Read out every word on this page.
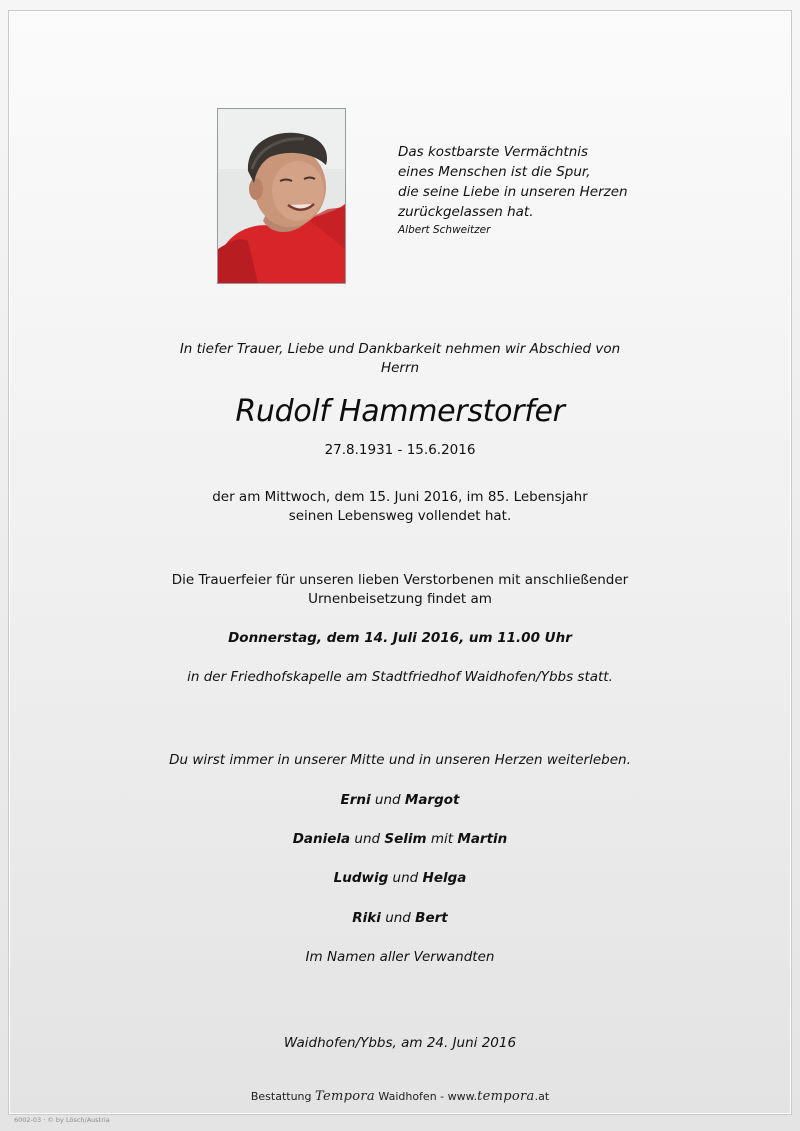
Das kostbarste Vermächtnis
eines Menschen ist die Spur,
die seine Liebe in unseren Herzen
zurückgelassen hat.
Albert Schweitzer
In tiefer Trauer, Liebe und Dankbarkeit nehmen wir Abschied von
Herrn
Rudolf Hammerstorfer
27.8.1931 - 15.6.2016
der am Mittwoch, dem 15. Juni 2016, im 85. Lebensjahr
seinen Lebensweg vollendet hat.
Die Trauerfeier für unseren lieben Verstorbenen mit anschließender
Urnenbeisetzung findet am
Donnerstag, dem 14. Juli 2016, um 11.00 Uhr
in der Friedhofskapelle am Stadtfriedhof Waidhofen/Ybbs statt.
Du wirst immer in unserer Mitte und in unseren Herzen weiterleben.
Erni und Margot
Daniela und Selim mit Martin
Ludwig und Helga
Riki und Bert
Im Namen aller Verwandten
Waidhofen/Ybbs, am 24. Juni 2016
Bestattung Tempora Waidhofen - www.tempora.at
6002-03 · © by Lösch/Austria
